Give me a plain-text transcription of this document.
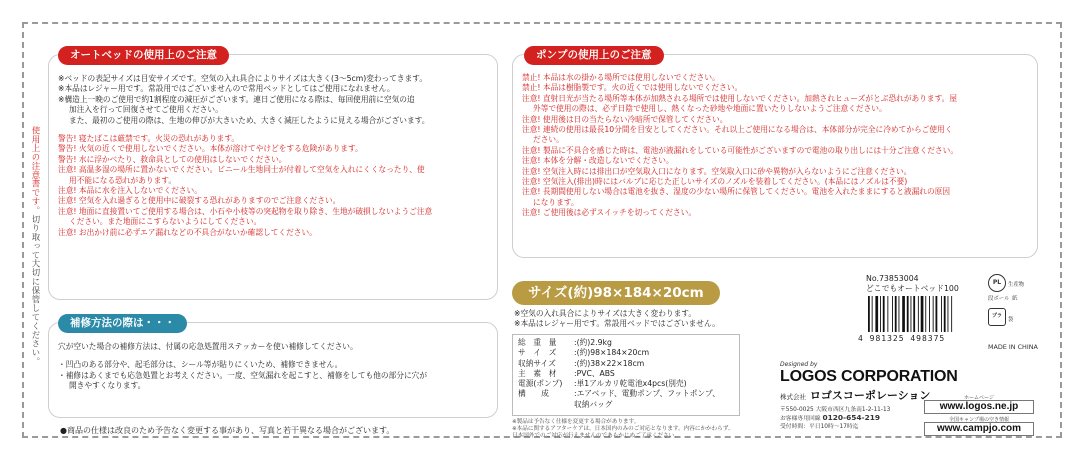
使用上の注意書です。切り取って大切に保管してください。
オートベッドの使用上のご注意
※ベッドの表記サイズは目安サイズです。空気の入れ具合によりサイズは大きく(3～5cm)変わってきます。
※本品はレジャー用です。常設用ではございませんので常用ベッドとしてはご使用になれません。
※構造上一晩のご使用で約1割程度の減圧がございます。連日ご使用になる際は、毎回使用前に空気の追
加注入を行って回復させてご使用ください。
また、最初のご使用の際は、生地の伸びが大きいため、大きく減圧したように見える場合がございます。
警告! 寝たばこは厳禁です。火災の恐れがあります。
警告! 火気の近くで使用しないでください。本体が溶けてやけどをする危険があります。
警告! 水に浮かべたり、救命具としての使用はしないでください。
注意! 高温多湿の場所に置かないでください。ビニール生地同士が付着して空気を入れにくくなったり、使
用不能になる恐れがあります。
注意! 本品に水を注入しないでください。
注意! 空気を入れ過ぎると使用中に破裂する恐れがありますのでご注意ください。
注意! 地面に直接置いてご使用する場合は、小石や小枝等の突起物を取り除き、生地が破損しないようご注意
ください。また地面にこすらないようにしてください。
注意! お出かけ前に必ずエア漏れなどの不具合がないか確認してください。
補修方法の際は・・・
穴が空いた場合の補修方法は、付属の応急処置用ステッカーを使い補修してください。
・凹凸のある部分や、起毛部分は、シール等が貼りにくいため、補修できません。
・補修はあくまでも応急処置とお考えください。一度、空気漏れを起こすと、補修をしても他の部分に穴が
開きやすくなります。
●商品の仕様は改良のため予告なく変更する事があり、写真と若干異なる場合がございます。
ポンプの使用上のご注意
禁止! 本品は水の掛かる場所では使用しないでください。
禁止! 本品は樹脂製です。火の近くでは使用しないでください。
注意! 直射日光が当たる場所等本体が加熱される場所では使用しないでください。加熱されヒューズがとぶ恐れがあります。屋
外等で使用の際は、必ず日陰で使用し、熱くなった砂地や地面に置いたりしないようご注意ください。
注意! 使用後は日の当たらない冷暗所で保管してください。
注意! 連続の使用は最長10分間を目安としてください。それ以上ご使用になる場合は、本体部分が完全に冷めてからご使用く
ださい。
注意! 製品に不具合を感じた時は、電池が液漏れをしている可能性がございますので電池の取り出しには十分ご注意ください。
注意! 本体を分解・改造しないでください。
注意! 空気注入時には排出口が空気取入口になります。空気取入口に砂や異物が入らないようにご注意ください。
注意! 空気注入(排出)時にはバルブに応じた正しいサイズのノズルを装着してください。(本品にはノズルは不要)
注意! 長期間使用しない場合は電池を抜き、湿度の少ない場所に保管してください。電池を入れたままにすると液漏れの原因
になります。
注意! ご使用後は必ずスイッチを切ってください。
サイズ(約)98×184×20cm
※空気の入れ具合によりサイズは大きく変わります。
※本品はレジャー用です。常設用ベッドではございません。
総　重　量	:(約)2.9kg
サ　イ　ズ	:(約)98×184×20cm
収納サイズ	:(約)38×22×18cm
主　素　材	:PVC、ABS
電源(ポンプ)	:単1アルカリ乾電池x4pcs(別売)
構　　成	:エアベッド、電動ポンプ、フットポンプ、
収納バッグ
※製品は予告なく仕様を変更する場合があります。
※本品に関するアフターケアは、日本国内のみのご対応となります。内容にかかわらず、
日本国外でのご対応が行えませんのであらかじめご了承ください。
No.73853004
どこでもオートベッド100
4 981325 498375
PL	生産物
段ボール
プラ
袋
紙
MADE IN CHINA
Designed by
LOGOS CORPORATION
株式会社 ロゴスコーポレーション
〒550-0025 大阪市西区九条南1-2-11-13
お客様専用回線 0120-654-219
受付時間：平日10時～17時迄
ホームページ
www.logos.ne.jp
全国キャンプ場の空き情報
www.campjo.com
